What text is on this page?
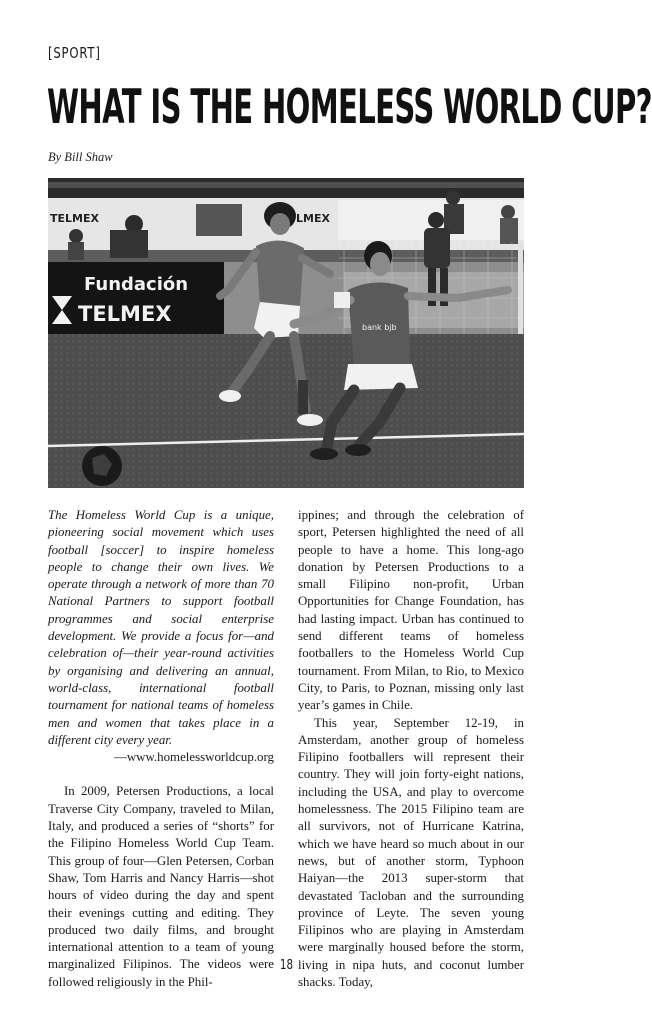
[SPORT]
WHAT IS THE HOMELESS WORLD CUP?
By Bill Shaw
TELMEX	LMEX
Fundación
TELMEX
bank bjb

The Homeless World Cup is a unique, pioneering social movement which uses football [soccer] to inspire homeless people to change their own lives. We operate through a network of more than 70 National Partners to support football programmes and social enterprise development. We provide a focus for—and celebration of—their year-round activities by organising and delivering an annual, world-class, international football tournament for national teams of homeless men and women that takes place in a different city every year.

—www.homelessworldcup.org

In 2009, Petersen Productions, a local Traverse City Company, traveled to Milan, Italy, and produced a series of “shorts” for the Filipino Homeless World Cup Team. This group of four—Glen Petersen, Corban Shaw, Tom Harris and Nancy Harris—shot hours of video during the day and spent their evenings cutting and editing. They produced two daily films, and brought international attention to a team of young marginalized Filipinos. The videos were followed religiously in the Phil-

ippines; and through the celebration of sport, Petersen highlighted the need of all people to have a home. This long-ago donation by Petersen Productions to a small Filipino non-profit, Urban Opportunities for Change Foundation, has had lasting impact. Urban has continued to send different teams of homeless footballers to the Homeless World Cup tournament. From Milan, to Rio, to Mexico City, to Paris, to Poznan, missing only last year’s games in Chile.

This year, September 12-19, in Amsterdam, another group of homeless Filipino footballers will represent their country. They will join forty-eight nations, including the USA, and play to overcome homelessness. The 2015 Filipino team are all survivors, not of Hurricane Katrina, which we have heard so much about in our news, but of another storm, Typhoon Haiyan—the 2013 super-storm that devastated Tacloban and the surrounding province of Leyte. The seven young Filipinos who are playing in Amsterdam were marginally housed before the storm, living in nipa huts, and coconut lumber shacks. Today,

18
